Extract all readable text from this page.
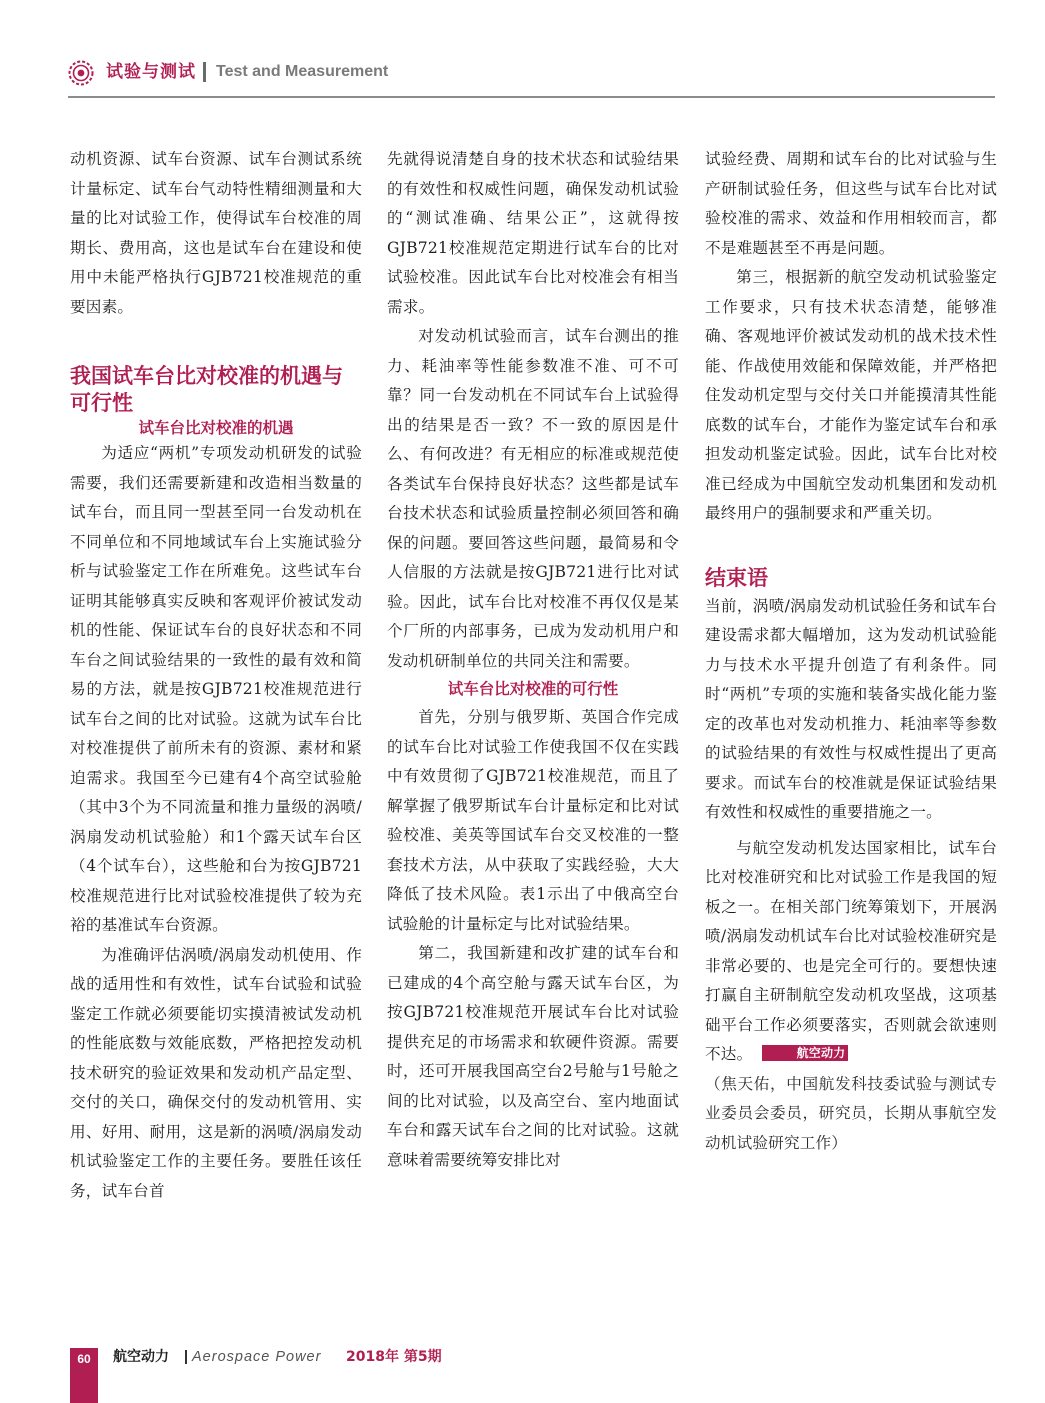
试验与测试 Test and Measurement

动机资源、试车台资源、试车台测试系统计量标定、试车台气动特性精细测量和大量的比对试验工作，使得试车台校准的周期长、费用高，这也是试车台在建设和使用中未能严格执行GJB721校准规范的重要因素。

我国试车台比对校准的机遇与可行性
试车台比对校准的机遇

为适应“两机”专项发动机研发的试验需要，我们还需要新建和改造相当数量的试车台，而且同一型甚至同一台发动机在不同单位和不同地域试车台上实施试验分析与试验鉴定工作在所难免。这些试车台证明其能够真实反映和客观评价被试发动机的性能、保证试车台的良好状态和不同车台之间试验结果的一致性的最有效和简易的方法，就是按GJB721校准规范进行试车台之间的比对试验。这就为试车台比对校准提供了前所未有的资源、素材和紧迫需求。我国至今已建有4个高空试验舱（其中3个为不同流量和推力量级的涡喷/涡扇发动机试验舱）和1个露天试车台区（4个试车台），这些舱和台为按GJB721校准规范进行比对试验校准提供了较为充裕的基准试车台资源。

为准确评估涡喷/涡扇发动机使用、作战的适用性和有效性，试车台试验和试验鉴定工作就必须要能切实摸清被试发动机的性能底数与效能底数，严格把控发动机技术研究的验证效果和发动机产品定型、交付的关口，确保交付的发动机管用、实用、好用、耐用，这是新的涡喷/涡扇发动机试验鉴定工作的主要任务。要胜任该任务，试车台首

先就得说清楚自身的技术状态和试验结果的有效性和权威性问题，确保发动机试验的“测试准确、结果公正”，这就得按GJB721校准规范定期进行试车台的比对试验校准。因此试车台比对校准会有相当需求。

对发动机试验而言，试车台测出的推力、耗油率等性能参数准不准、可不可靠？同一台发动机在不同试车台上试验得出的结果是否一致？不一致的原因是什么、有何改进？有无相应的标准或规范使各类试车台保持良好状态？这些都是试车台技术状态和试验质量控制必须回答和确保的问题。要回答这些问题，最简易和令人信服的方法就是按GJB721进行比对试验。因此，试车台比对校准不再仅仅是某个厂所的内部事务，已成为发动机用户和发动机研制单位的共同关注和需要。

试车台比对校准的可行性

首先，分别与俄罗斯、英国合作完成的试车台比对试验工作使我国不仅在实践中有效贯彻了GJB721校准规范，而且了解掌握了俄罗斯试车台计量标定和比对试验校准、美英等国试车台交叉校准的一整套技术方法，从中获取了实践经验，大大降低了技术风险。表1示出了中俄高空台试验舱的计量标定与比对试验结果。

第二，我国新建和改扩建的试车台和已建成的4个高空舱与露天试车台区，为按GJB721校准规范开展试车台比对试验提供充足的市场需求和软硬件资源。需要时，还可开展我国高空台2号舱与1号舱之间的比对试验，以及高空台、室内地面试车台和露天试车台之间的比对试验。这就意味着需要统筹安排比对

试验经费、周期和试车台的比对试验与生产研制试验任务，但这些与试车台比对试验校准的需求、效益和作用相较而言，都不是难题甚至不再是问题。

第三，根据新的航空发动机试验鉴定工作要求，只有技术状态清楚，能够准确、客观地评价被试发动机的战术技术性能、作战使用效能和保障效能，并严格把住发动机定型与交付关口并能摸清其性能底数的试车台，才能作为鉴定试车台和承担发动机鉴定试验。因此，试车台比对校准已经成为中国航空发动机集团和发动机最终用户的强制要求和严重关切。

结束语

当前，涡喷/涡扇发动机试验任务和试车台建设需求都大幅增加，这为发动机试验能力与技术水平提升创造了有利条件。同时“两机”专项的实施和装备实战化能力鉴定的改革也对发动机推力、耗油率等参数的试验结果的有效性与权威性提出了更高要求。而试车台的校准就是保证试验结果有效性和权威性的重要措施之一。

与航空发动机发达国家相比，试车台比对校准研究和比对试验工作是我国的短板之一。在相关部门统筹策划下，开展涡喷/涡扇发动机试车台比对试验校准研究是非常必要的、也是完全可行的。要想快速打赢自主研制航空发动机攻坚战，这项基础平台工作必须要落实，否则就会欲速则不达。	航空动力

（焦天佑，中国航发科技委试验与测试专业委员会委员，研究员，长期从事航空发动机试验研究工作）

60	航空动力 Aerospace Power 2018年 第5期
